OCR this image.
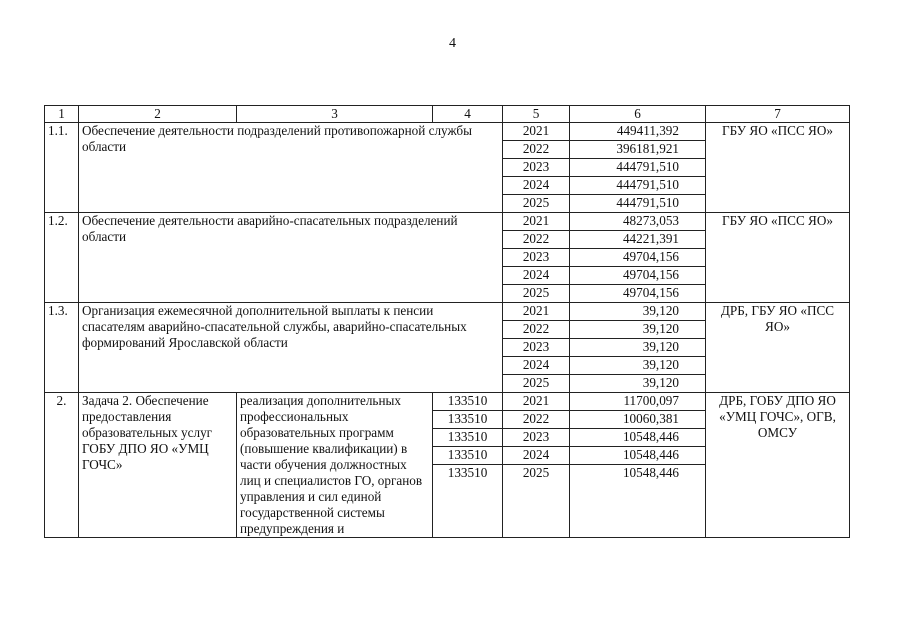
4
1	2	3	4	5	6	7
1.1.	Обеспечение деятельности подразделений противопожарной службы области			2021	449411,392	ГБУ ЯО «ПСС ЯО»
				2022	396181,921	
				2023	444791,510	
				2024	444791,510	
				2025	444791,510	
1.2.	Обеспечение деятельности аварийно-спасательных подразделений области			2021	48273,053	ГБУ ЯО «ПСС ЯО»
				2022	44221,391	
				2023	49704,156	
				2024	49704,156	
				2025	49704,156	
1.3.	Организация ежемесячной дополнительной выплаты к пенсии спасателям аварийно-спасательной службы, аварийно-спасательных формирований Ярославской области			2021	39,120	ДРБ, ГБУ ЯО «ПСС ЯО»
				2022	39,120	
				2023	39,120	
				2024	39,120	
				2025	39,120	
2.	Задача 2. Обеспечение предоставления образовательных услуг ГОБУ ДПО ЯО «УМЦ ГОЧС»	реализация дополнительных профессиональных образовательных программ (повышение квалификации) в части обучения должностных лиц и специалистов ГО, органов управления и сил единой государственной системы предупреждения и	133510	2021	11700,097	ДРБ, ГОБУ ДПО ЯО «УМЦ ГОЧС», ОГВ, ОМСУ
			133510	2022	10060,381	
			133510	2023	10548,446	
			133510	2024	10548,446	
			133510	2025	10548,446	
